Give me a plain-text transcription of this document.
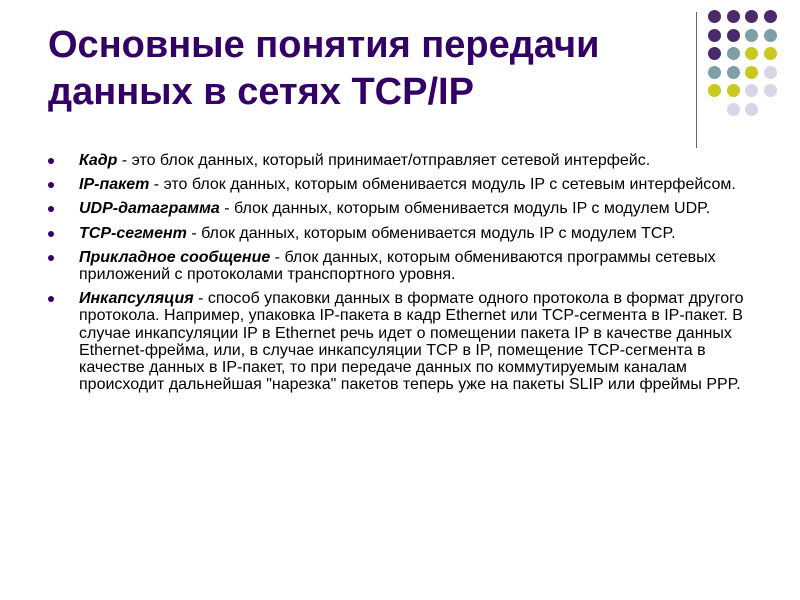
Основные понятия передачи данных в сетях TCP/IP
Кадр - это блок данных, который принимает/отправляет сетевой интерфейс.
IP-пакет - это блок данных, которым обменивается модуль IP с сетевым интерфейсом.
UDP-датаграмма - блок данных, которым обменивается модуль IP с модулем UDP.
TCP-сегмент - блок данных, которым обменивается модуль IP с модулем TCP.
Прикладное сообщение - блок данных, которым обмениваются программы сетевых приложений с протоколами транспортного уровня.
Инкапсуляция - способ упаковки данных в формате одного протокола в формат другого протокола. Например, упаковка IP-пакета в кадр Ethernet или TCP-сегмента в IP-пакет. В случае инкапсуляции IP в Ethernet речь идет о помещении пакета IP в качестве данных Ethernet-фрейма, или, в случае инкапсуляции TCP в IP, помещение TCP-сегмента в качестве данных в IP-пакет, то при передаче данных по коммутируемым каналам происходит дальнейшая "нарезка" пакетов теперь уже на пакеты SLIP или фреймы PPP.
